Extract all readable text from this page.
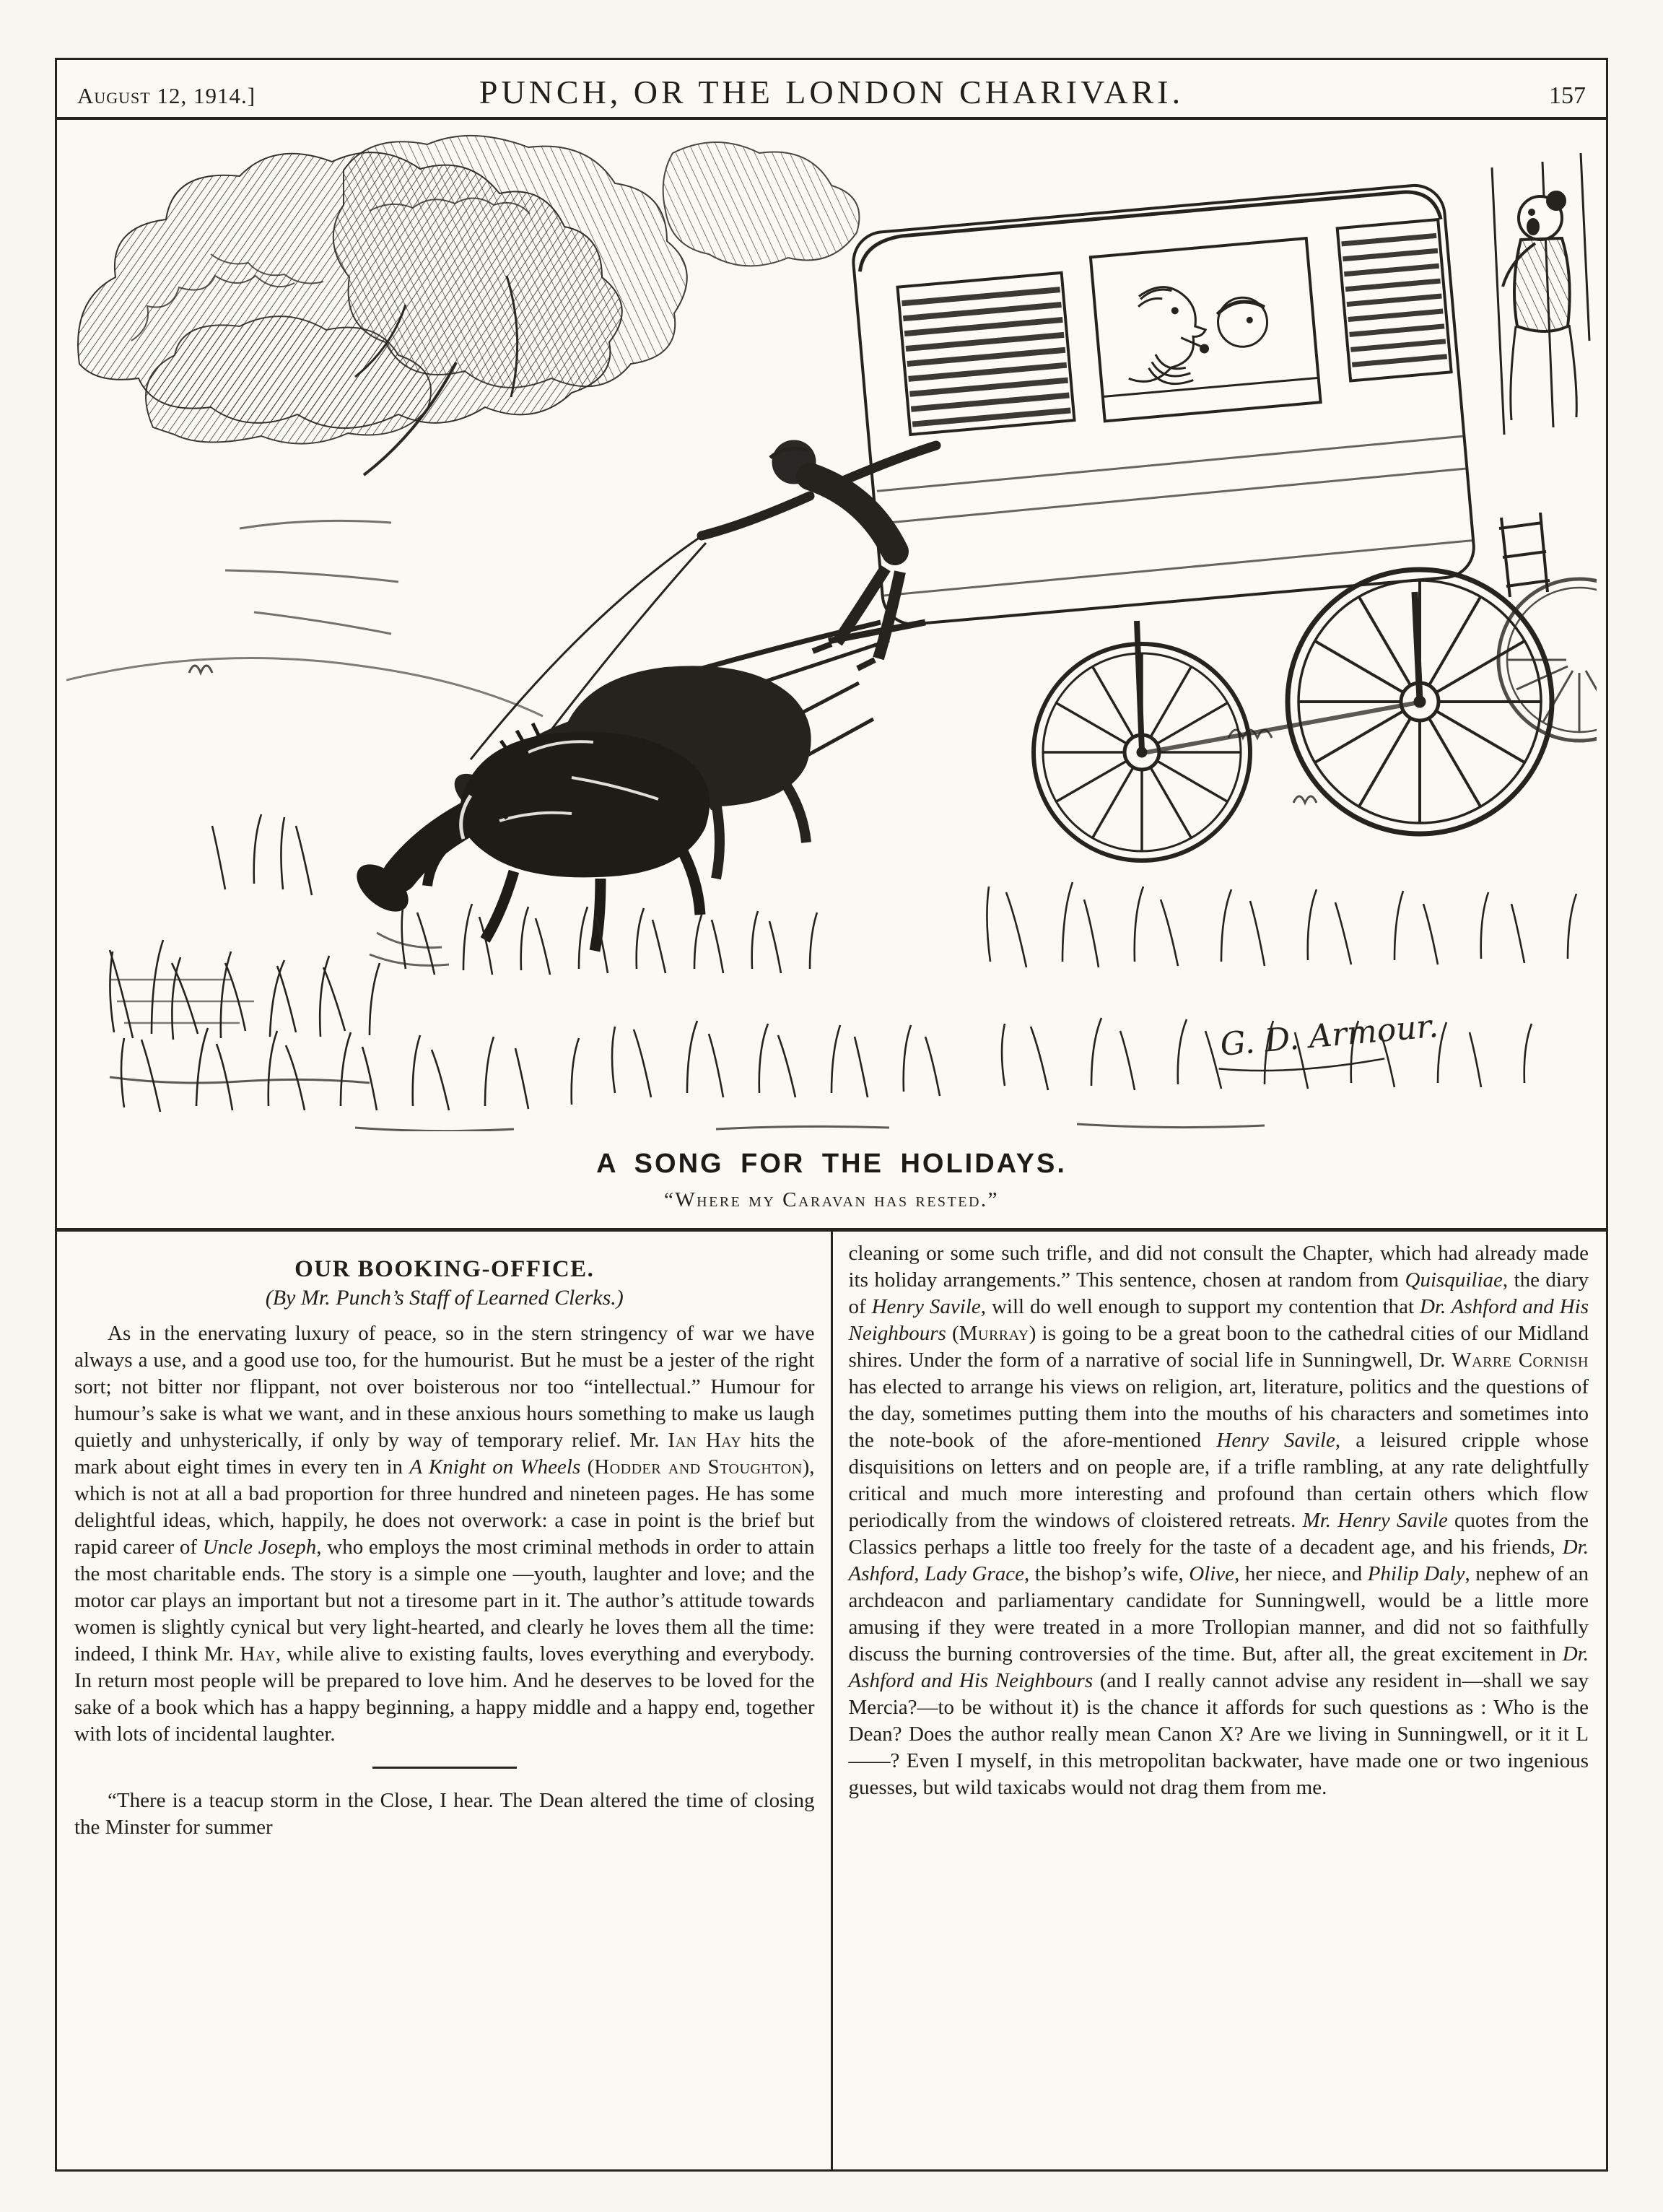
August 12, 1914.]	PUNCH, OR THE LONDON CHARIVARI.	157
G. D. Armour.
A SONG FOR THE HOLIDAYS.
“Where my Caravan has rested.”
OUR BOOKING-OFFICE.
(By Mr. Punch’s Staff of Learned Clerks.)

As in the enervating luxury of peace, so in the stern stringency of war we have always a use, and a good use too, for the humourist. But he must be a jester of the right sort; not bitter nor flippant, not over boisterous nor too “intellectual.” Humour for humour’s sake is what we want, and in these anxious hours something to make us laugh quietly and unhysterically, if only by way of temporary relief. Mr. Ian Hay hits the mark about eight times in every ten in A Knight on Wheels (Hodder and Stoughton), which is not at all a bad proportion for three hundred and nineteen pages. He has some delightful ideas, which, happily, he does not overwork: a case in point is the brief but rapid career of Uncle Joseph, who employs the most criminal methods in order to attain the most charitable ends. The story is a simple one —youth, laughter and love; and the motor car plays an important but not a tiresome part in it. The author’s attitude towards women is slightly cynical but very light-hearted, and clearly he loves them all the time: indeed, I think Mr. Hay, while alive to existing faults, loves everything and everybody. In return most people will be prepared to love him. And he deserves to be loved for the sake of a book which has a happy beginning, a happy middle and a happy end, together with lots of incidental laughter.

“There is a teacup storm in the Close, I hear. The Dean altered the time of closing the Minster for summer

cleaning or some such trifle, and did not consult the Chapter, which had already made its holiday arrangements.” This sentence, chosen at random from Quisquiliae, the diary of Henry Savile, will do well enough to support my contention that Dr. Ashford and His Neighbours (Murray) is going to be a great boon to the cathedral cities of our Midland shires. Under the form of a narrative of social life in Sunningwell, Dr. Warre Cornish has elected to arrange his views on religion, art, literature, politics and the questions of the day, sometimes putting them into the mouths of his characters and sometimes into the note-book of the afore-mentioned Henry Savile, a leisured cripple whose disquisitions on letters and on people are, if a trifle rambling, at any rate delightfully critical and much more interesting and profound than certain others which flow periodically from the windows of cloistered retreats. Mr. Henry Savile quotes from the Classics perhaps a little too freely for the taste of a decadent age, and his friends, Dr. Ashford, Lady Grace, the bishop’s wife, Olive, her niece, and Philip Daly, nephew of an archdeacon and parliamentary candidate for Sunningwell, would be a little more amusing if they were treated in a more Trollopian manner, and did not so faithfully discuss the burning controversies of the time. But, after all, the great excitement in Dr. Ashford and His Neighbours (and I really cannot advise any resident in—shall we say Mercia?—to be without it) is the chance it affords for such questions as : Who is the Dean? Does the author really mean Canon X? Are we living in Sunningwell, or it it L——? Even I myself, in this metropolitan backwater, have made one or two ingenious guesses, but wild taxicabs would not drag them from me.
